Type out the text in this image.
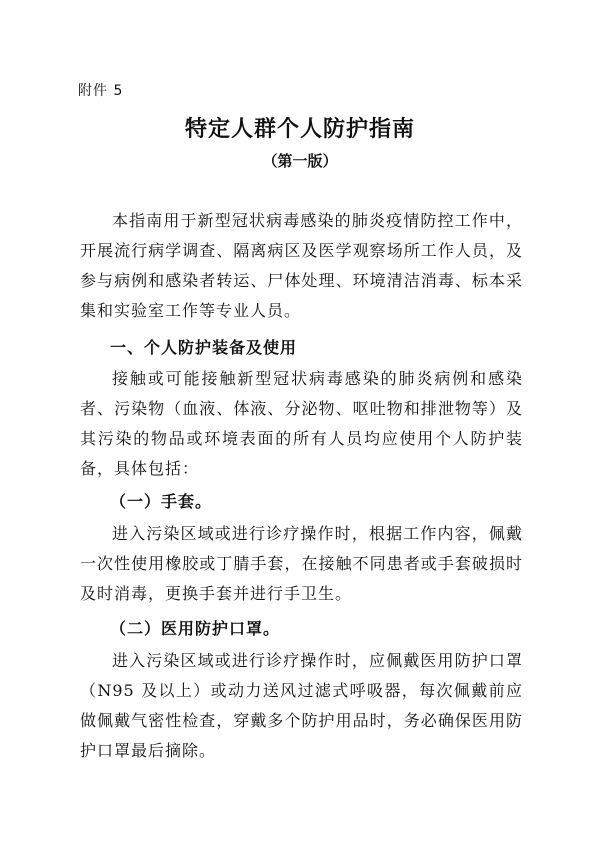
附件 5
特定人群个人防护指南
（第一版）

本指南用于新型冠状病毒感染的肺炎疫情防控工作中，开展流行病学调查、隔离病区及医学观察场所工作人员，及参与病例和感染者转运、尸体处理、环境清洁消毒、标本采集和实验室工作等专业人员。

一、个人防护装备及使用

接触或可能接触新型冠状病毒感染的肺炎病例和感染者、污染物（血液、体液、分泌物、呕吐物和排泄物等）及其污染的物品或环境表面的所有人员均应使用个人防护装备，具体包括：

（一）手套。

进入污染区域或进行诊疗操作时，根据工作内容，佩戴一次性使用橡胶或丁腈手套，在接触不同患者或手套破损时及时消毒，更换手套并进行手卫生。

（二）医用防护口罩。

进入污染区域或进行诊疗操作时，应佩戴医用防护口罩（N95 及以上）或动力送风过滤式呼吸器，每次佩戴前应做佩戴气密性检查，穿戴多个防护用品时，务必确保医用防护口罩最后摘除。
